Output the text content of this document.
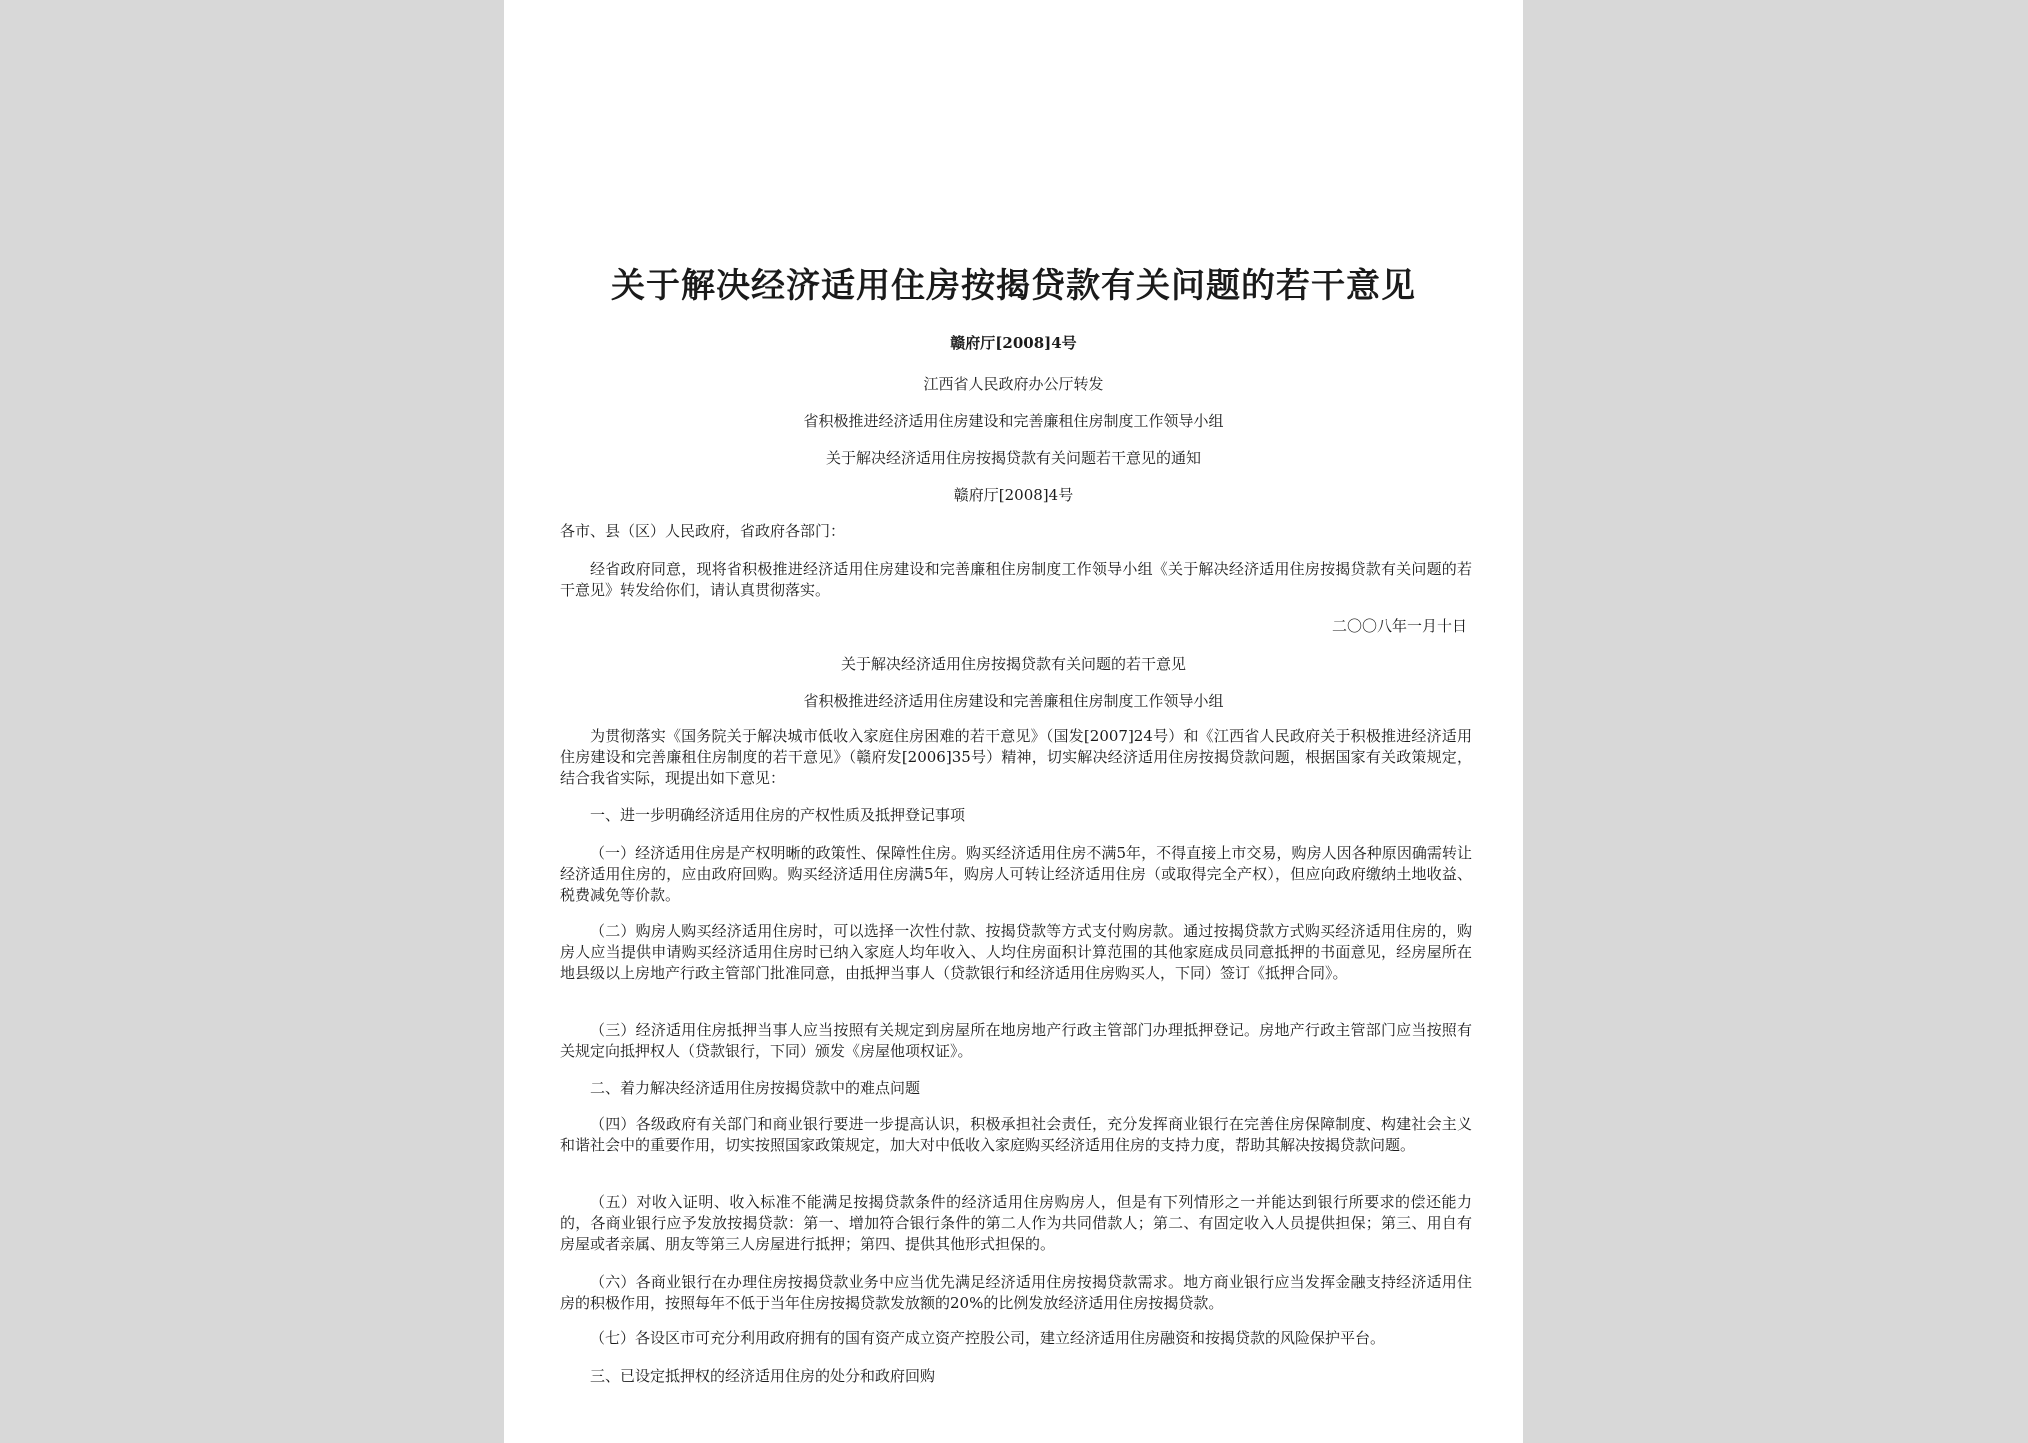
关于解决经济适用住房按揭贷款有关问题的若干意见
赣府厅[2008]4号
江西省人民政府办公厅转发
省积极推进经济适用住房建设和完善廉租住房制度工作领导小组
关于解决经济适用住房按揭贷款有关问题若干意见的通知
赣府厅[2008]4号

各市、县（区）人民政府，省政府各部门：

经省政府同意，现将省积极推进经济适用住房建设和完善廉租住房制度工作领导小组《关于解决经济适用住房按揭贷款有关问题的若干意见》转发给你们，请认真贯彻落实。

二〇〇八年一月十日
关于解决经济适用住房按揭贷款有关问题的若干意见
省积极推进经济适用住房建设和完善廉租住房制度工作领导小组

为贯彻落实《国务院关于解决城市低收入家庭住房困难的若干意见》（国发[2007]24号）和《江西省人民政府关于积极推进经济适用住房建设和完善廉租住房制度的若干意见》（赣府发[2006]35号）精神，切实解决经济适用住房按揭贷款问题，根据国家有关政策规定，结合我省实际，现提出如下意见：

一、进一步明确经济适用住房的产权性质及抵押登记事项

（一）经济适用住房是产权明晰的政策性、保障性住房。购买经济适用住房不满5年，不得直接上市交易，购房人因各种原因确需转让经济适用住房的，应由政府回购。购买经济适用住房满5年，购房人可转让经济适用住房（或取得完全产权），但应向政府缴纳土地收益、税费减免等价款。

（二）购房人购买经济适用住房时，可以选择一次性付款、按揭贷款等方式支付购房款。通过按揭贷款方式购买经济适用住房的，购房人应当提供申请购买经济适用住房时已纳入家庭人均年收入、人均住房面积计算范围的其他家庭成员同意抵押的书面意见，经房屋所在地县级以上房地产行政主管部门批准同意，由抵押当事人（贷款银行和经济适用住房购买人，下同）签订《抵押合同》。

（三）经济适用住房抵押当事人应当按照有关规定到房屋所在地房地产行政主管部门办理抵押登记。房地产行政主管部门应当按照有关规定向抵押权人（贷款银行，下同）颁发《房屋他项权证》。

二、着力解决经济适用住房按揭贷款中的难点问题

（四）各级政府有关部门和商业银行要进一步提高认识，积极承担社会责任，充分发挥商业银行在完善住房保障制度、构建社会主义和谐社会中的重要作用，切实按照国家政策规定，加大对中低收入家庭购买经济适用住房的支持力度，帮助其解决按揭贷款问题。

（五）对收入证明、收入标准不能满足按揭贷款条件的经济适用住房购房人，但是有下列情形之一并能达到银行所要求的偿还能力的，各商业银行应予发放按揭贷款：第一、增加符合银行条件的第二人作为共同借款人；第二、有固定收入人员提供担保；第三、用自有房屋或者亲属、朋友等第三人房屋进行抵押；第四、提供其他形式担保的。

（六）各商业银行在办理住房按揭贷款业务中应当优先满足经济适用住房按揭贷款需求。地方商业银行应当发挥金融支持经济适用住房的积极作用，按照每年不低于当年住房按揭贷款发放额的20%的比例发放经济适用住房按揭贷款。

（七）各设区市可充分利用政府拥有的国有资产成立资产控股公司，建立经济适用住房融资和按揭贷款的风险保护平台。

三、已设定抵押权的经济适用住房的处分和政府回购
